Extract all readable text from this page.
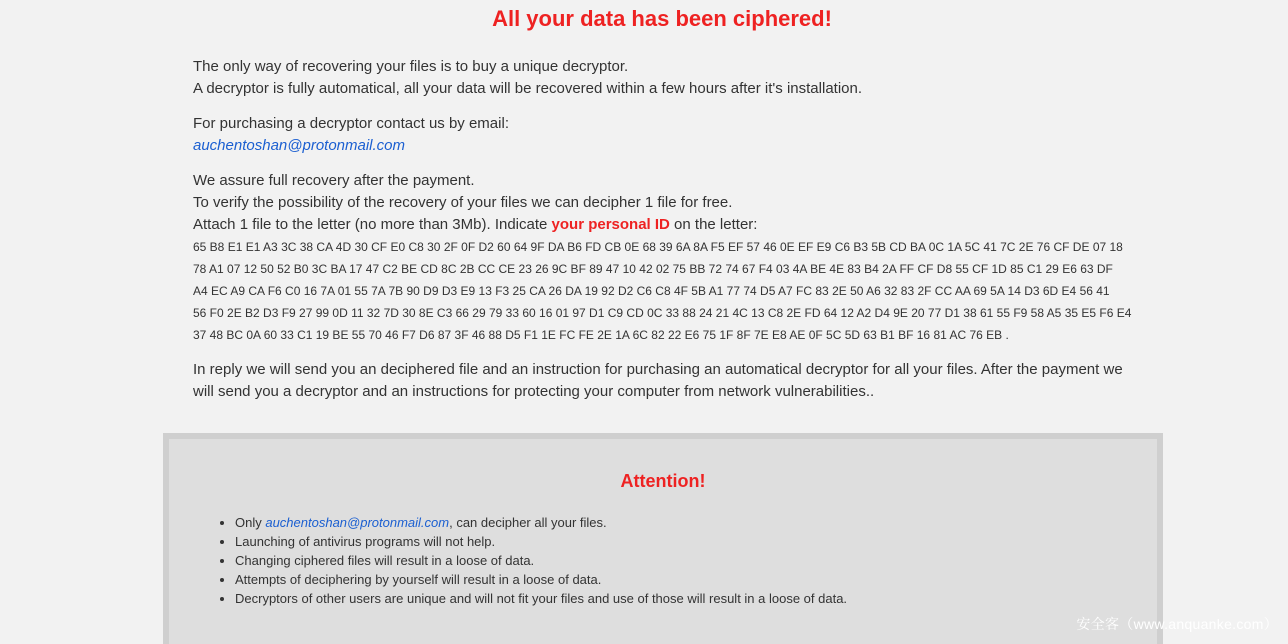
All your data has been ciphered!

The only way of recovering your files is to buy a unique decryptor.
A decryptor is fully automatical, all your data will be recovered within a few hours after it's installation.

For purchasing a decryptor contact us by email:
auchentoshan@protonmail.com

We assure full recovery after the payment.
To verify the possibility of the recovery of your files we can decipher 1 file for free.
Attach 1 file to the letter (no more than 3Mb). Indicate your personal ID on the letter:

65 B8 E1 E1 A3 3C 38 CA 4D 30 CF E0 C8 30 2F 0F D2 60 64 9F DA B6 FD CB 0E 68 39 6A 8A F5 EF 57 46 0E EF E9 C6 B3 5B CD BA 0C 1A 5C 41 7C 2E 76 CF DE 07 18
78 A1 07 12 50 52 B0 3C BA 17 47 C2 BE CD 8C 2B CC CE 23 26 9C BF 89 47 10 42 02 75 BB 72 74 67 F4 03 4A BE 4E 83 B4 2A FF CF D8 55 CF 1D 85 C1 29 E6 63 DF
A4 EC A9 CA F6 C0 16 7A 01 55 7A 7B 90 D9 D3 E9 13 F3 25 CA 26 DA 19 92 D2 C6 C8 4F 5B A1 77 74 D5 A7 FC 83 2E 50 A6 32 83 2F CC AA 69 5A 14 D3 6D E4 56 41
56 F0 2E B2 D3 F9 27 99 0D 11 32 7D 30 8E C3 66 29 79 33 60 16 01 97 D1 C9 CD 0C 33 88 24 21 4C 13 C8 2E FD 64 12 A2 D4 9E 20 77 D1 38 61 55 F9 58 A5 35 E5 F6 E4
37 48 BC 0A 60 33 C1 19 BE 55 70 46 F7 D6 87 3F 46 88 D5 F1 1E FC FE 2E 1A 6C 82 22 E6 75 1F 8F 7E E8 AE 0F 5C 5D 63 B1 BF 16 81 AC 76 EB .

In reply we will send you an deciphered file and an instruction for purchasing an automatical decryptor for all your files. After the payment we will send you a decryptor and an instructions for protecting your computer from network vulnerabilities..

Attention!
• Only auchentoshan@protonmail.com, can decipher all your files.
• Launching of antivirus programs will not help.
• Changing ciphered files will result in a loose of data.
• Attempts of deciphering by yourself will result in a loose of data.
• Decryptors of other users are unique and will not fit your files and use of those will result in a loose of data.
安全客（www.anquanke.com）
